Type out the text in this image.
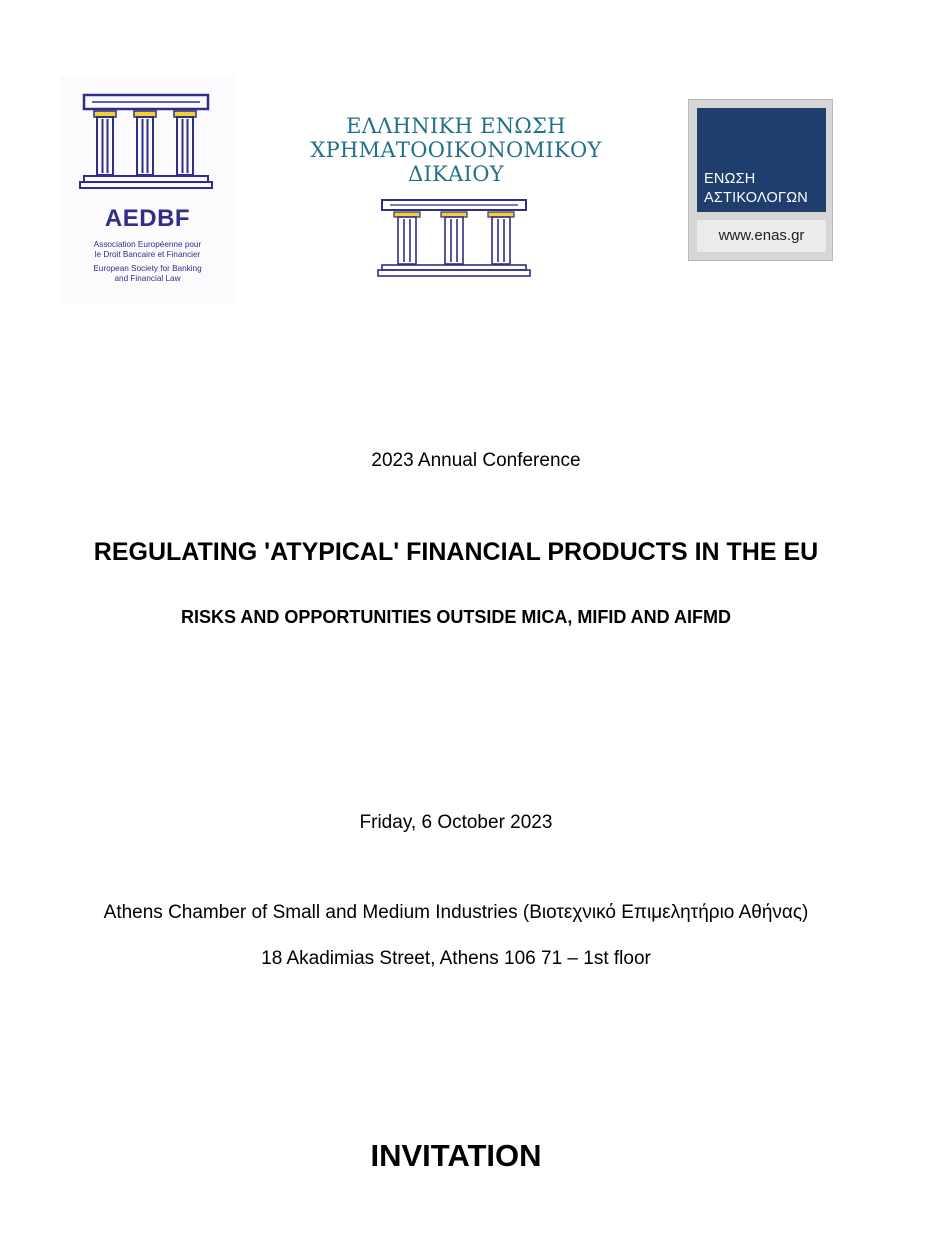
AEDBF
Association Européenne pour
le Droit Bancaire et Financier
European Society for Banking
and Financial Law
ΕΛΛΗΝΙΚΗ ΕΝΩΣΗ
ΧΡΗΜΑΤΟΟΙΚΟΝΟΜΙΚΟΥ
ΔΙΚΑΙΟΥ	ΕΝΩΣΗ
ΑΣΤΙΚΟΛΟΓΩΝ
www.enas.gr
2023 Annual Conference
REGULATING 'ATYPICAL' FINANCIAL PRODUCTS IN THE EU
RISKS AND OPPORTUNITIES OUTSIDE MICA, MIFID AND AIFMD
Friday, 6 October 2023
Athens Chamber of Small and Medium Industries (Βιοτεχνικό Επιμελητήριο Αθήνας)
18 Akadimias Street, Athens 106 71 – 1st floor
INVITATION
